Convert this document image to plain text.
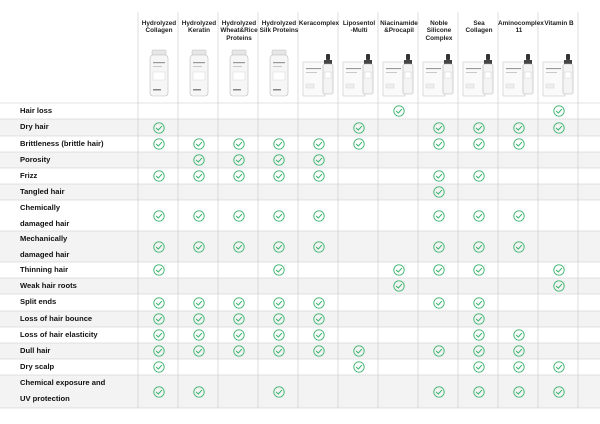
Hydrolyzed
Collagen
Hydrolyzed
Keratin
Hydrolyzed
Wheat&Rice
Proteins
Hydrolyzed
Silk Proteins
Keracomplex Liposentol
-Multi
Niacinamide
&Procapil
Noble
Silicone
Complex
Sea
Collagen
Aminocomplex
11
Vitamin B
Hair loss
Dry hair
Brittleness (brittle hair)
Porosity
Frizz
Tangled hair
Chemically
damaged hair
Mechanically
damaged hair
Thinning hair
Weak hair roots
Split ends
Loss of hair bounce
Loss of hair elasticity
Dull hair
Dry scalp
Chemical exposure and
UV protection
